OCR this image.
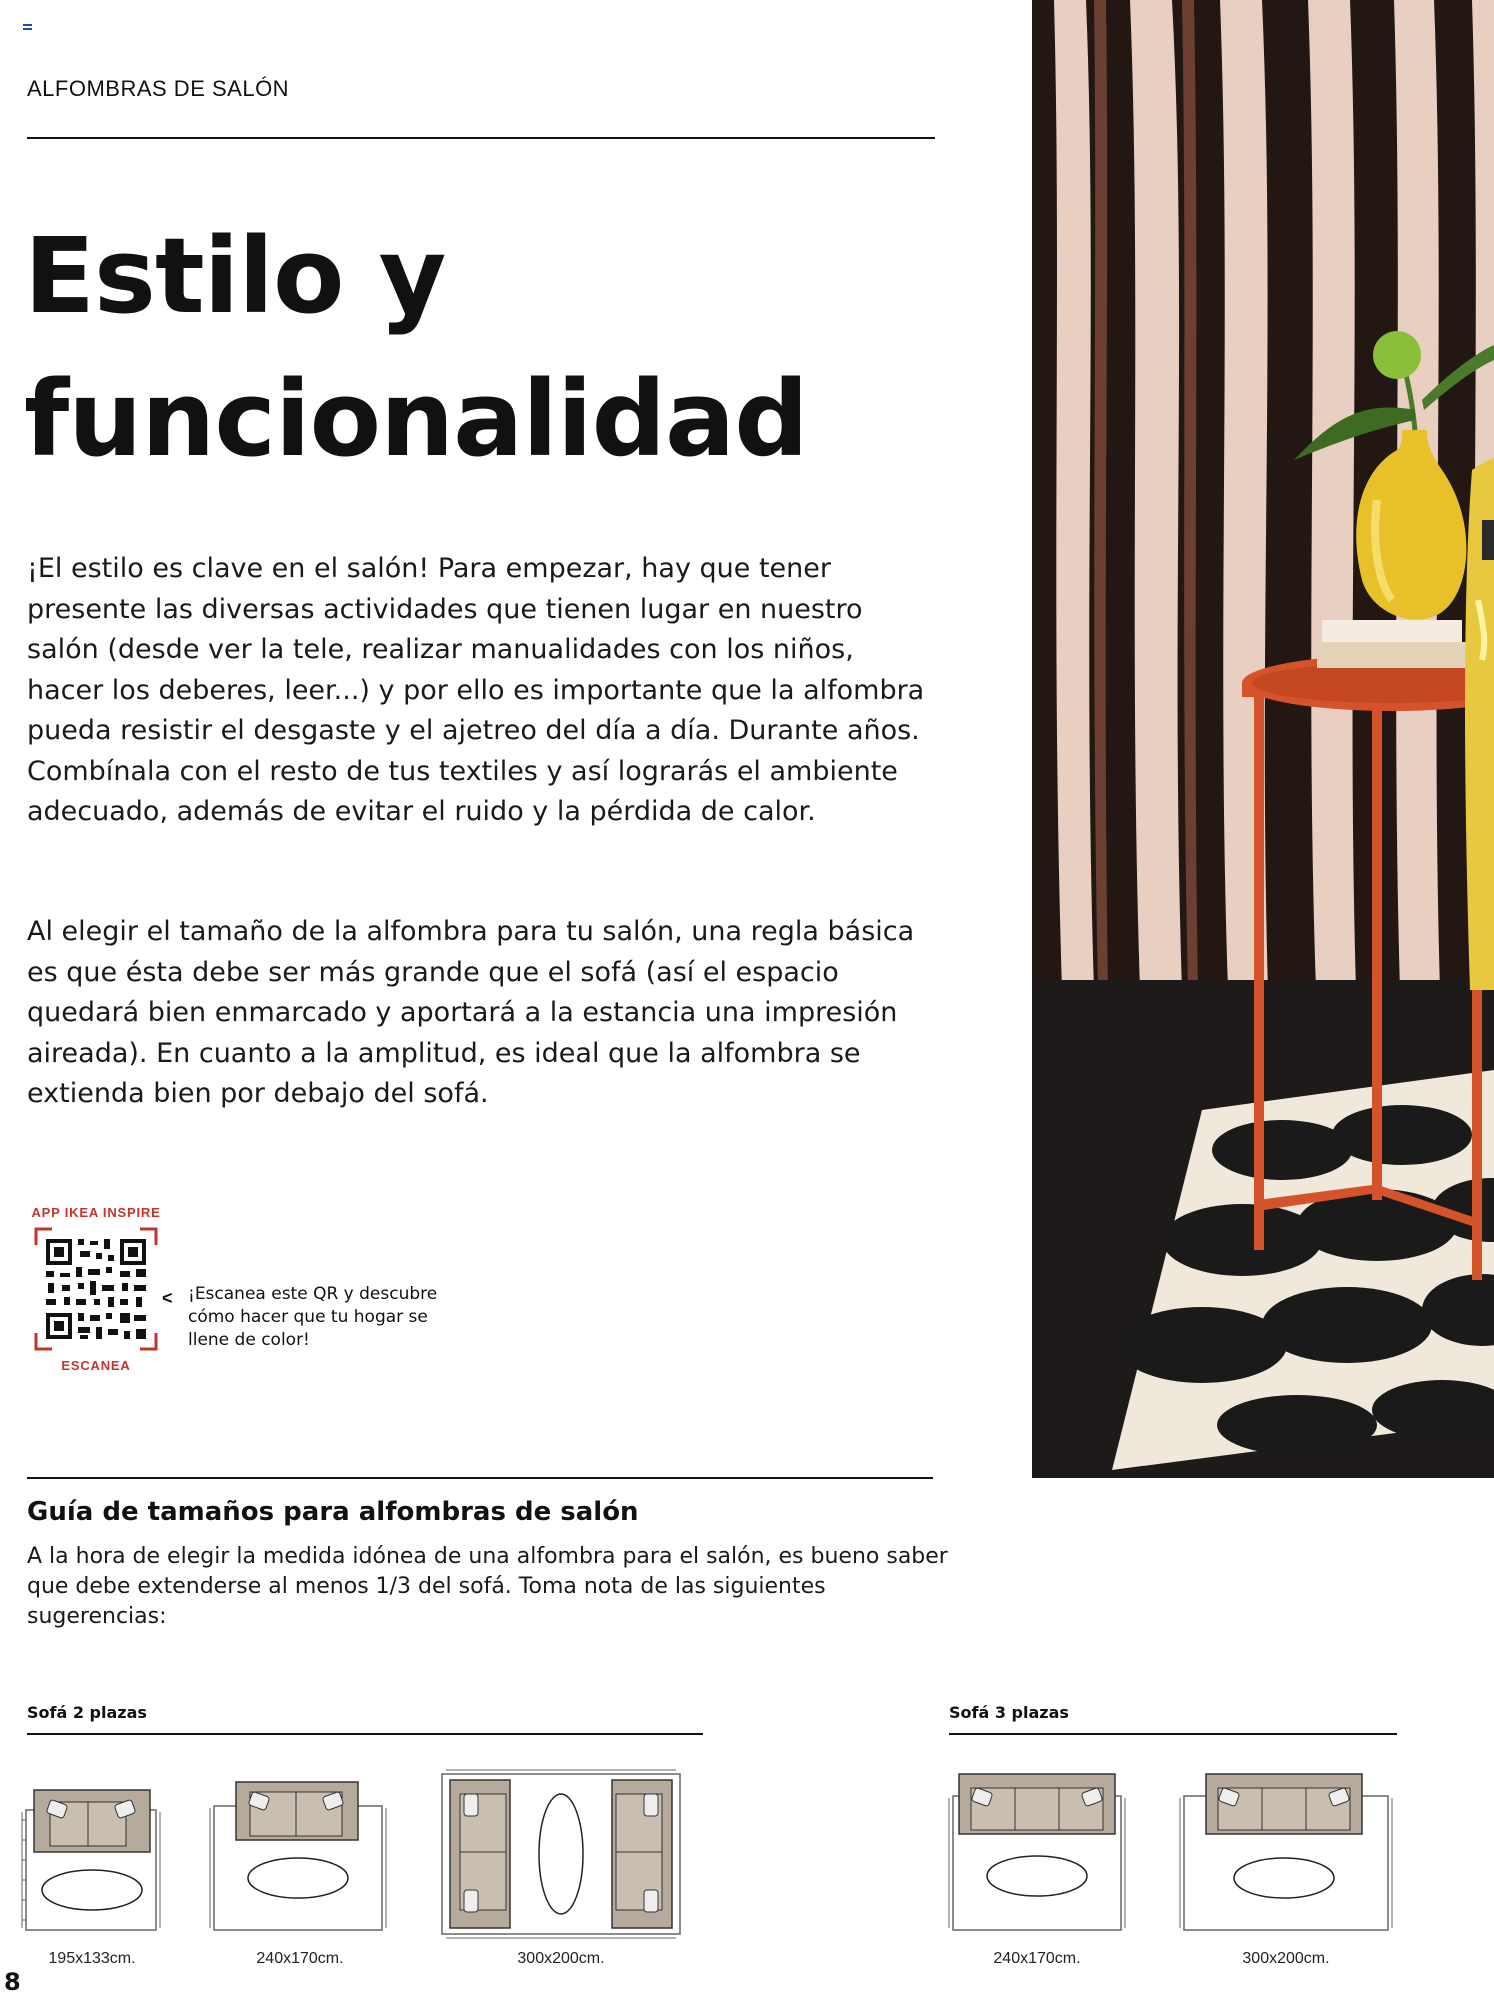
ALFOMBRAS DE SALÓN
Estilo y
funcionalidad
¡El estilo es clave en el salón! Para empezar, hay que tener presente las diversas actividades que tienen lugar en nuestro salón (desde ver la tele, realizar manualidades con los niños, hacer los deberes, leer...) y por ello es importante que la alfombra pueda resistir el desgaste y el ajetreo del día a día. Durante años. Combínala con el resto de tus textiles y así lograrás el ambiente adecuado, además de evitar el ruido y la pérdida de calor.
Al elegir el tamaño de la alfombra para tu salón, una regla básica es que ésta debe ser más grande que el sofá (así el espacio quedará bien enmarcado y aportará a la estancia una impresión aireada). En cuanto a la amplitud, es ideal que la alfombra se extienda bien por debajo del sofá.
APP IKEA INSPIRE
ESCANEA
< ¡Escanea este QR y descubre cómo hacer que tu hogar se llene de color!
Guía de tamaños para alfombras de salón
A la hora de elegir la medida idónea de una alfombra para el salón, es bueno saber que debe extenderse al menos 1/3 del sofá. Toma nota de las siguientes sugerencias:
Sofá 2 plazas	Sofá 3 plazas
195x133cm.	240x170cm.	300x200cm.	240x170cm.	300x200cm.
8
